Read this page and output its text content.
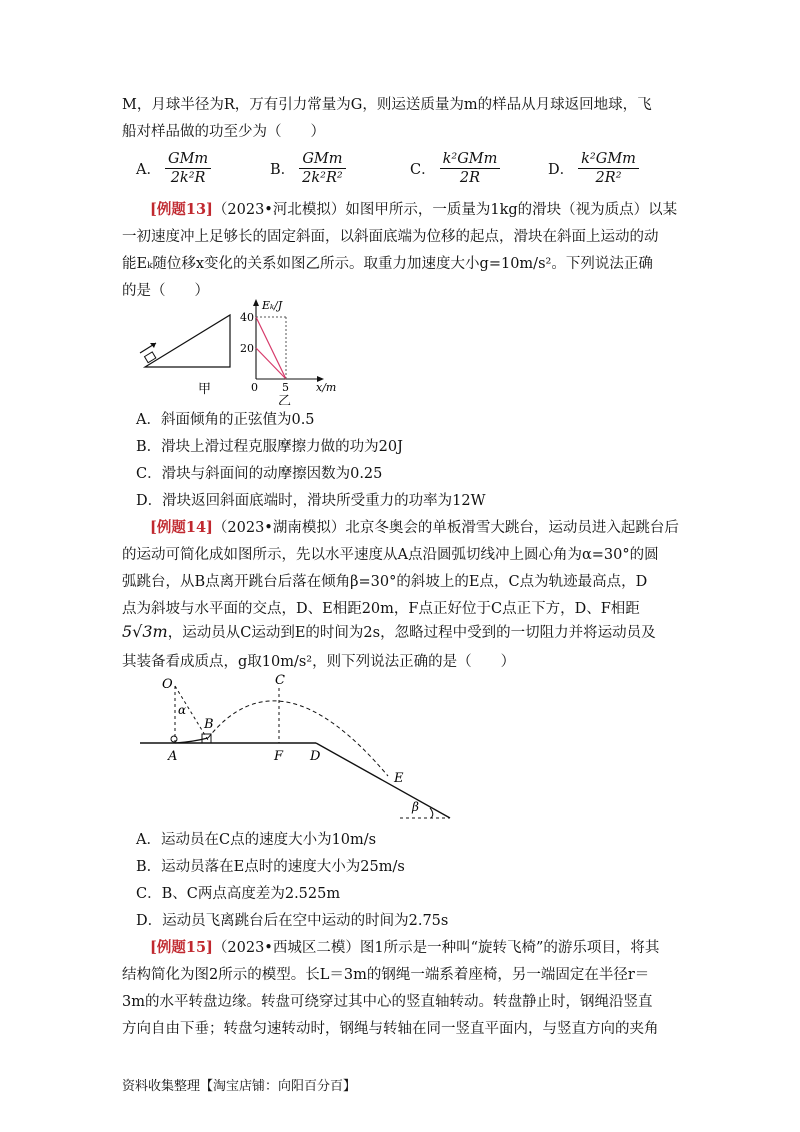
M，月球半径为R，万有引力常量为G，则运送质量为m的样品从月球返回地球，飞
船对样品做的功至少为（　　）
A． $\frac{\text{GMm}}{\text{2k²R}}$	B． $\frac{\text{GMm}}{\text{2k²R²}}$	C． $\frac{\text{k²GMm}}{2R}$	D． $\frac{\text{k²GMm}}{\text{2R²}}$
[例题13]（2023•河北模拟）如图甲所示，一质量为1kg的滑块（视为质点）以某
一初速度冲上足够长的固定斜面，以斜面底端为位移的起点，滑块在斜面上运动的动
能Eₖ随位移x变化的关系如图乙所示。取重力加速度大小g=10m/s²。下列说法正确
的是（　　）
甲
Eₖ/J
40
20
0 5 x/m
乙
A．斜面倾角的正弦值为0.5
B．滑块上滑过程克服摩擦力做的功为20J
C．滑块与斜面间的动摩擦因数为0.25
D．滑块返回斜面底端时，滑块所受重力的功率为12W
[例题14]（2023•湖南模拟）北京冬奥会的单板滑雪大跳台，运动员进入起跳台后
的运动可简化成如图所示，先以水平速度从A点沿圆弧切线冲上圆心角为α=30°的圆
弧跳台，从B点离开跳台后落在倾角β=30°的斜坡上的E点，C点为轨迹最高点，D
点为斜坡与水平面的交点，D、E相距20m，F点正好位于C点正下方，D、F相距
5√3m，运动员从C运动到E的时间为2s，忽略过程中受到的一切阻力并将运动员及
其装备看成质点，g取10m/s²，则下列说法正确的是（　　）
O
α
B
C
A	F D
E
β
A．运动员在C点的速度大小为10m/s
B．运动员落在E点时的速度大小为25m/s
C．B、C两点高度差为2.525m
D．运动员飞离跳台后在空中运动的时间为2.75s
[例题15]（2023•西城区二模）图1所示是一种叫“旋转飞椅”的游乐项目，将其
结构简化为图2所示的模型。长L＝3m的钢绳一端系着座椅，另一端固定在半径r＝
3m的水平转盘边缘。转盘可绕穿过其中心的竖直轴转动。转盘静止时，钢绳沿竖直
方向自由下垂；转盘匀速转动时，钢绳与转轴在同一竖直平面内，与竖直方向的夹角
资料收集整理【淘宝店铺：向阳百分百】
